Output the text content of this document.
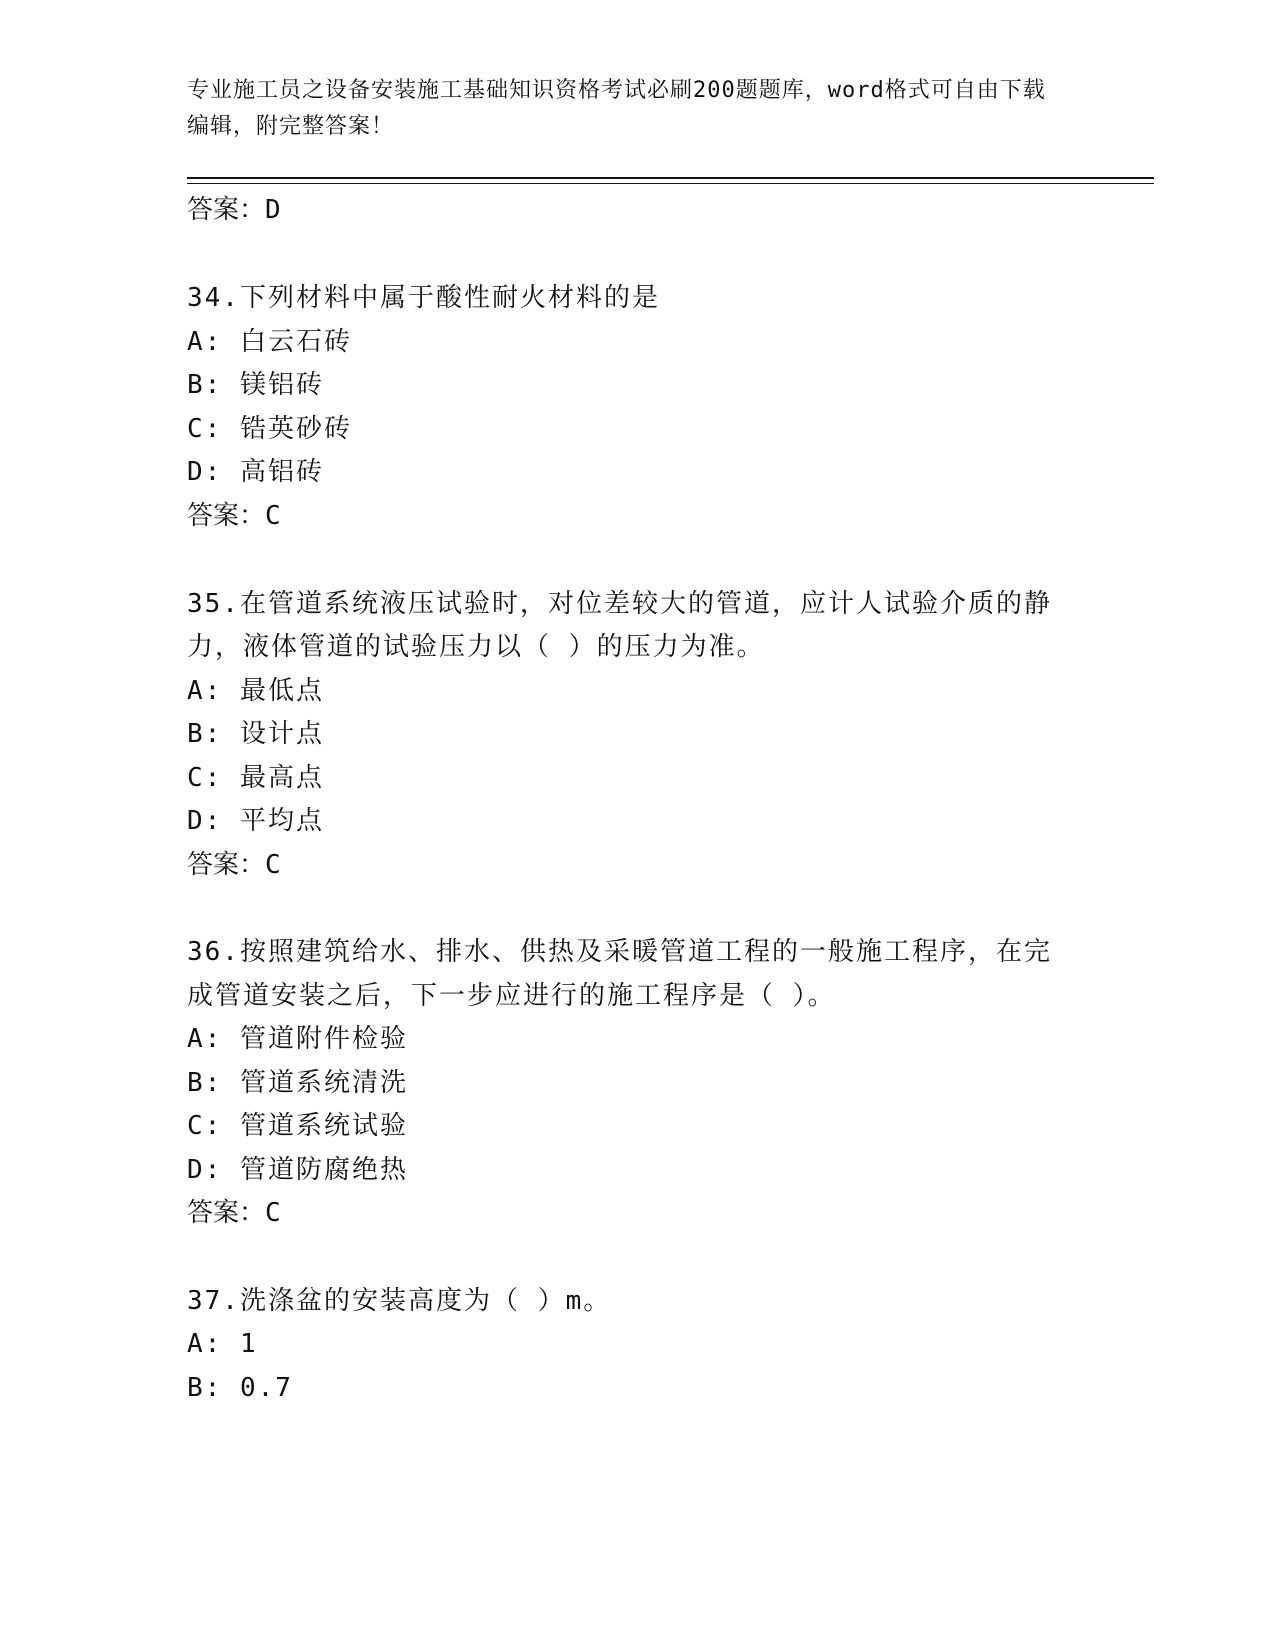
专业施工员之设备安装施工基础知识资格考试必刷200题题库，word格式可自由下载编辑，附完整答案！
答案：D
34.下列材料中属于酸性耐火材料的是
A: 白云石砖
B: 镁铝砖
C: 锆英砂砖
D: 高铝砖
答案：C
35.在管道系统液压试验时，对位差较大的管道，应计人试验介质的静
力，液体管道的试验压力以（ ）的压力为准。
A: 最低点
B: 设计点
C: 最高点
D: 平均点
答案：C
36.按照建筑给水、排水、供热及采暖管道工程的一般施工程序，在完
成管道安装之后，下一步应进行的施工程序是（ ）。
A: 管道附件检验
B: 管道系统清洗
C: 管道系统试验
D: 管道防腐绝热
答案：C
37.洗涤盆的安装高度为（ ）m。
A: 1
B: 0.7
